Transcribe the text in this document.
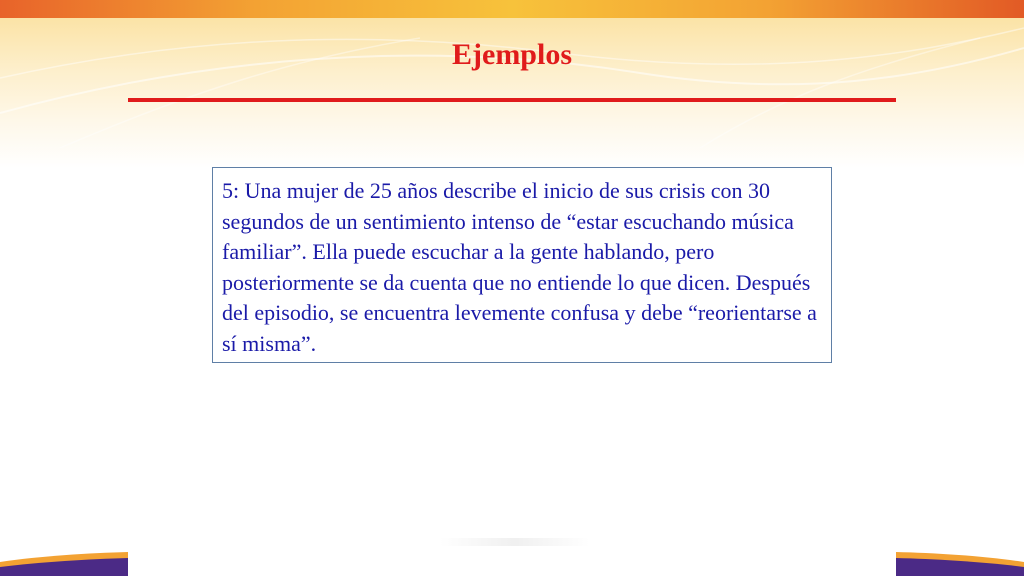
Ejemplos

5: Una mujer de 25 años describe el inicio de sus crisis con 30 segundos de un sentimiento intenso de “estar escuchando música familiar”. Ella puede escuchar a la gente hablando, pero posteriormente se da cuenta que no entiende lo que dicen. Después del episodio, se encuentra levemente confusa y debe “reorientarse a sí misma”.
